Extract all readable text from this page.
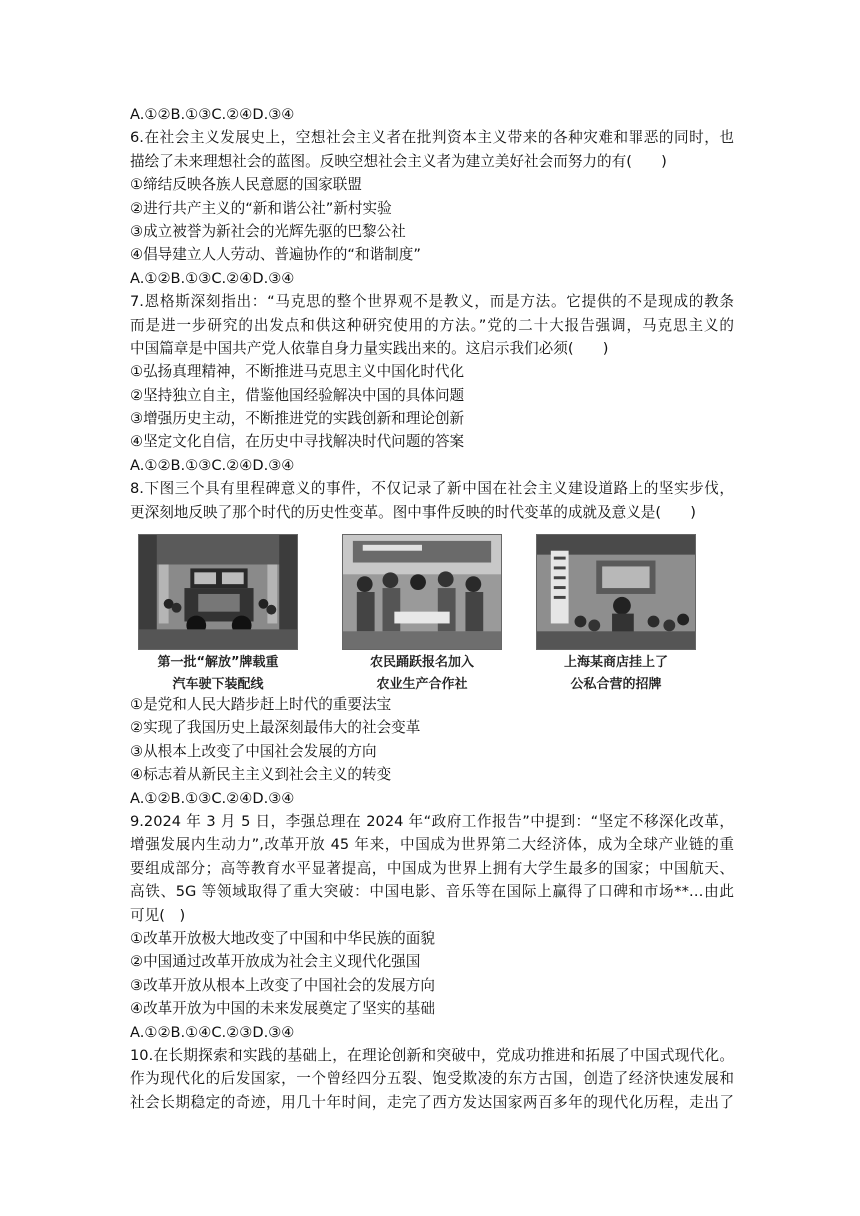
A.①②B.①③C.②④D.③④
6.在社会主义发展史上，空想社会主义者在批判资本主义带来的各种灾难和罪恶的同时，也
描绘了未来理想社会的蓝图。反映空想社会主义者为建立美好社会而努力的有(　　)
①缔结反映各族人民意愿的国家联盟
②进行共产主义的“新和谐公社”新村实验
③成立被誉为新社会的光辉先驱的巴黎公社
④倡导建立人人劳动、普遍协作的“和谐制度”
A.①②B.①③C.②④D.③④
7.恩格斯深刻指出：“马克思的整个世界观不是教义，而是方法。它提供的不是现成的教条
而是进一步研究的出发点和供这种研究使用的方法。”党的二十大报告强调，马克思主义的
中国篇章是中国共产党人依靠自身力量实践出来的。这启示我们必须(　　)
①弘扬真理精神，不断推进马克思主义中国化时代化
②坚持独立自主，借鉴他国经验解决中国的具体问题
③增强历史主动，不断推进党的实践创新和理论创新
④坚定文化自信，在历史中寻找解决时代问题的答案
A.①②B.①③C.②④D.③④
8.下图三个具有里程碑意义的事件，不仅记录了新中国在社会主义建设道路上的坚实步伐，
更深刻地反映了那个时代的历史性变革。图中事件反映的时代变革的成就及意义是(　　)
第一批“解放”牌载重
汽车驶下装配线
农民踊跃报名加入
农业生产合作社
上海某商店挂上了
公私合营的招牌
①是党和人民大踏步赶上时代的重要法宝
②实现了我国历史上最深刻最伟大的社会变革
③从根本上改变了中国社会发展的方向
④标志着从新民主主义到社会主义的转变
A.①②B.①③C.②④D.③④
9.2024 年 3 月 5 日，李强总理在 2024 年“政府工作报告”中提到：“坚定不移深化改革，
增强发展内生动力”,改革开放 45 年来，中国成为世界第二大经济体，成为全球产业链的重
要组成部分；高等教育水平显著提高，中国成为世界上拥有大学生最多的国家；中国航天、
高铁、5G 等领域取得了重大突破：中国电影、音乐等在国际上赢得了口碑和市场**…由此
可见(　)
①改革开放极大地改变了中国和中华民族的面貌
②中国通过改革开放成为社会主义现代化强国
③改革开放从根本上改变了中国社会的发展方向
④改革开放为中国的未来发展奠定了坚实的基础
A.①②B.①④C.②③D.③④
10.在长期探索和实践的基础上，在理论创新和突破中，党成功推进和拓展了中国式现代化。
作为现代化的后发国家，一个曾经四分五裂、饱受欺凌的东方古国，创造了经济快速发展和
社会长期稳定的奇迹，用几十年时间，走完了西方发达国家两百多年的现代化历程，走出了
